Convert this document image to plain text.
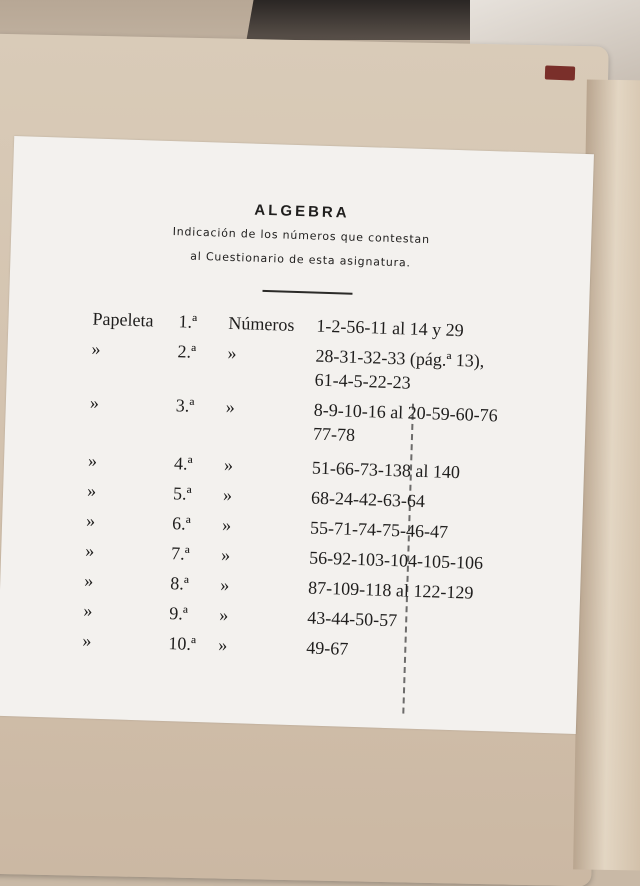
ALGEBRA
Indicación de los números que contestan
al Cuestionario de esta asignatura.
Papeleta	1.ª	Números	1-2-56-11 al 14 y 29
»	2.ª	»	28-31-32-33 (pág.ª 13),
61-4-5-22-23
»	3.ª	»	8-9-10-16 al 20-59-60-76
77-78
»	4.ª	»	51-66-73-138 al 140
»	5.ª	»	68-24-42-63-64
»	6.ª	»	55-71-74-75-46-47
»	7.ª	»	56-92-103-104-105-106
»	8.ª	»	87-109-118 al 122-129
»	9.ª	»	43-44-50-57
»	10.ª	»	49-67
